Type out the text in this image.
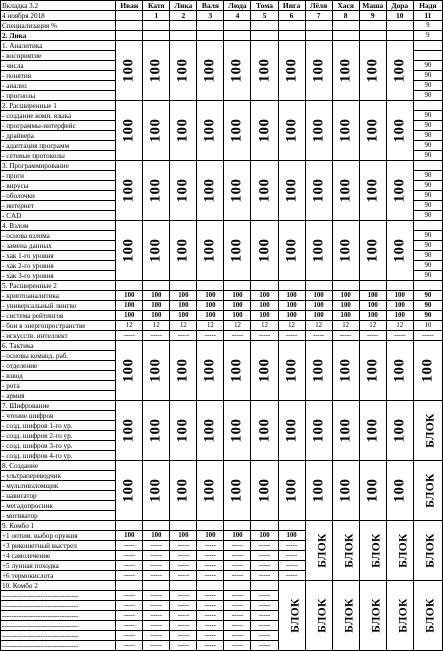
Вкладка 3.2	Иван	Катя	Лика	Валя	Люда	Тома	Инга	Лёля	Хася	Маша	Дора	Надя
4 ноября 2018		1	2	3	4	5	6	7	8	9	10	11
Специализация %												9
2. Лика												9
1. Аналитика	100	100	100	100	100	100	100	100	100	100	100	
- восприятие												
- числа												90
- понятия												90
- анализ												90
- прогнозы												90
2. Расширенные 1	100	100	100	100	100	100	100	100	100	100	100	
- создание комп. языка												90
- программы-интерфейс												90
- драйвера												90
- адаптация программ												90
- сетевые протоколы												90
3. Программирование	100	100	100	100	100	100	100	100	100	100	100	
- проги												90
- вирусы												90
- оболочки												90
- интернет												90
- CAD												90
4. Взлом	100	100	100	100	100	100	100	100	100	100	100	
- основа взлома												90
- замена данных												90
- хак 1-го уровня												90
- хак 2-го уровня												90
- хак 3-го уровня												90
5. Расширенные 2												
- криптоаналитика	100	100	100	100	100	100	100	100	100	100	100	90
- универсальный лингво	100	100	100	100	100	100	100	100	100	100	100	90
- система рейтингов	100	100	100	100	100	100	100	100	100	100	100	90
- бои в энергопространстве	12	12	12	12	12	12	12	12	12	12	12	10
- искусств. интеллект	-----	-----	-----	-----	-----	-----	-----	-----	-----	-----	-----	-----
6. Тактика	100	100	100	100	100	100	100	100	100	100	100	100
- основы команд. раб.												
- отделение												
- взвод												
- рота												
- армия												
7. Шифрование	100	100	100	100	100	100	100	100	100	100	100	БЛОК
- чтение шифров												
- созд. шифров 1-го ур.												
- созд. шифров 2-го ур.												
- созд. шифров 3-го ур.												
- созд. шифров 4-го ур.												
8. Создание	100	100	100	100	100	100	100	100	100	100	100	БЛОК
- ультрапереводчик												
- мультивзломщик												
- навигатор												
- мегадопросник												
- мотиватор												
9. Комбо 1								БЛОК	БЛОК	БЛОК	БЛОК	БЛОК
+1 оптим. выбор оружия	100	100	100	100	100	100	100					
+3 рикошетный выстрел	-----	-----	-----	-----	-----	-----	-----					
+4 самолечение	-----	-----	-----	-----	-----	-----	-----					
+5 лунная походка	-----	-----	-----	-----	-----	-----	-----					
+6 термокислота	-----	-----	-----	-----	-----	-----	-----					
10. Комбо 2							БЛОК	БЛОК	БЛОК	БЛОК	БЛОК	БЛОК
--------------------------------	-----	-----	-----	-----	-----	-----						
--------------------------------	-----	-----	-----	-----	-----	-----						
--------------------------------	-----	-----	-----	-----	-----	-----						
--------------------------------	-----	-----	-----	-----	-----	-----						
--------------------------------	-----	-----	-----	-----	-----	-----						
--------------------------------	-----	-----	-----	-----	-----	-----						
